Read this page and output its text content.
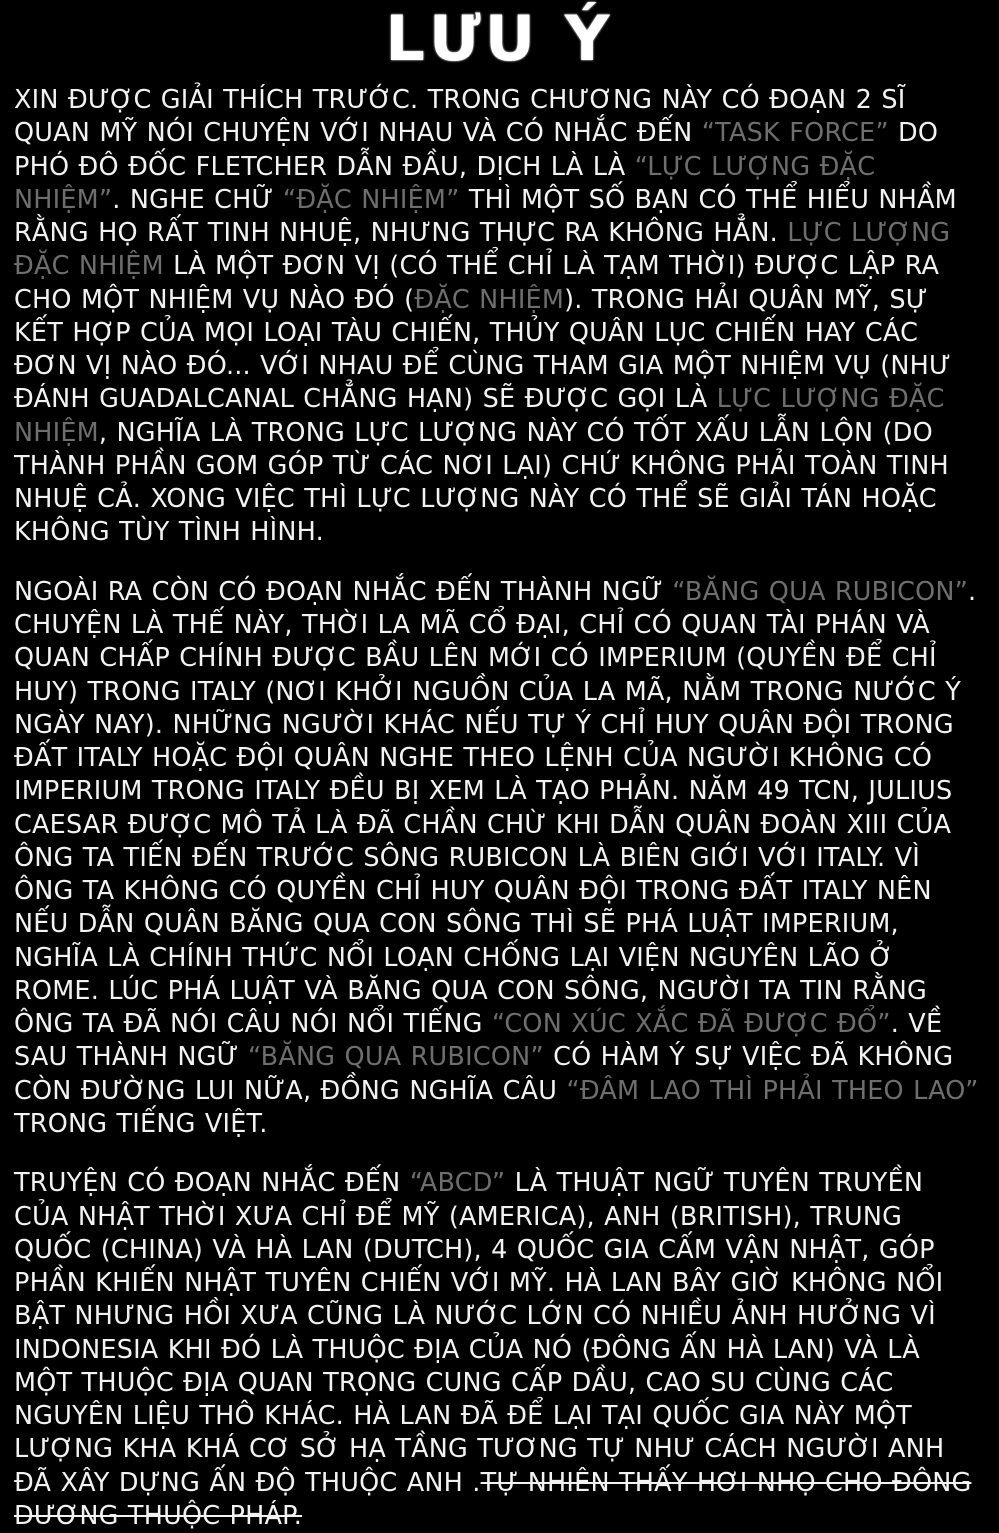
LƯU Ý

XIN ĐƯỢC GIẢI THÍCH TRƯỚC. TRONG CHƯƠNG NÀY CÓ ĐOẠN 2 SĨ QUAN MỸ NÓI CHUYỆN VỚI NHAU VÀ CÓ NHẮC ĐẾN “TASK FORCE” DO PHÓ ĐÔ ĐỐC FLETCHER DẪN ĐẦU, DỊCH LÀ LÀ “LỰC LƯỢNG ĐẶC NHIỆM”. NGHE CHỮ “ĐẶC NHIỆM” THÌ MỘT SỐ BẠN CÓ THỂ HIỂU NHẦM RẰNG HỌ RẤT TINH NHUỆ, NHƯNG THỰC RA KHÔNG HẲN. LỰC LƯỢNG ĐẶC NHIỆM LÀ MỘT ĐƠN VỊ (CÓ THỂ CHỈ LÀ TẠM THỜI) ĐƯỢC LẬP RA CHO MỘT NHIỆM VỤ NÀO ĐÓ (ĐẶC NHIỆM). TRONG HẢI QUÂN MỸ, SỰ KẾT HỢP CỦA MỌI LOẠI TÀU CHIẾN, THỦY QUÂN LỤC CHIẾN HAY CÁC ĐƠN VỊ NÀO ĐÓ... VỚI NHAU ĐỂ CÙNG THAM GIA MỘT NHIỆM VỤ (NHƯ ĐÁNH GUADALCANAL CHẲNG HẠN) SẼ ĐƯỢC GỌI LÀ LỰC LƯỢNG ĐẶC NHIỆM, NGHĨA LÀ TRONG LỰC LƯỢNG NÀY CÓ TỐT XẤU LẪN LỘN (DO THÀNH PHẦN GOM GÓP TỪ CÁC NƠI LẠI) CHỨ KHÔNG PHẢI TOÀN TINH NHUỆ CẢ. XONG VIỆC THÌ LỰC LƯỢNG NÀY CÓ THỂ SẼ GIẢI TÁN HOẶC KHÔNG TÙY TÌNH HÌNH.

NGOÀI RA CÒN CÓ ĐOẠN NHẮC ĐẾN THÀNH NGỮ “BĂNG QUA RUBICON”. CHUYỆN LÀ THẾ NÀY, THỜI LA MÃ CỔ ĐẠI, CHỈ CÓ QUAN TÀI PHÁN VÀ QUAN CHẤP CHÍNH ĐƯỢC BẦU LÊN MỚI CÓ IMPERIUM (QUYỀN ĐỂ CHỈ HUY) TRONG ITALY (NƠI KHỞI NGUỒN CỦA LA MÃ, NẰM TRONG NƯỚC Ý NGÀY NAY). NHỮNG NGƯỜI KHÁC NẾU TỰ Ý CHỈ HUY QUÂN ĐỘI TRONG ĐẤT ITALY HOẶC ĐỘI QUÂN NGHE THEO LỆNH CỦA NGƯỜI KHÔNG CÓ IMPERIUM TRONG ITALY ĐỀU BỊ XEM LÀ TẠO PHẢN. NĂM 49 TCN, JULIUS CAESAR ĐƯỢC MÔ TẢ LÀ ĐÃ CHẦN CHỪ KHI DẪN QUÂN ĐOÀN XIII CỦA ÔNG TA TIẾN ĐẾN TRƯỚC SÔNG RUBICON LÀ BIÊN GIỚI VỚI ITALY. VÌ ÔNG TA KHÔNG CÓ QUYỀN CHỈ HUY QUÂN ĐỘI TRONG ĐẤT ITALY NÊN NẾU DẪN QUÂN BĂNG QUA CON SÔNG THÌ SẼ PHÁ LUẬT IMPERIUM, NGHĨA LÀ CHÍNH THỨC NỔI LOẠN CHỐNG LẠI VIỆN NGUYÊN LÃO Ở ROME. LÚC PHÁ LUẬT VÀ BĂNG QUA CON SÔNG, NGƯỜI TA TIN RẰNG ÔNG TA ĐÃ NÓI CÂU NÓI NỔI TIẾNG “CON XÚC XẮC ĐÃ ĐƯỢC ĐỔ”. VỀ SAU THÀNH NGỮ “BĂNG QUA RUBICON” CÓ HÀM Ý SỰ VIỆC ĐÃ KHÔNG CÒN ĐƯỜNG LUI NỮA, ĐỒNG NGHĨA CÂU “ĐÂM LAO THÌ PHẢI THEO LAO” TRONG TIẾNG VIỆT.

TRUYỆN CÓ ĐOẠN NHẮC ĐẾN “ABCD” LÀ THUẬT NGỮ TUYÊN TRUYỀN CỦA NHẬT THỜI XƯA CHỈ ĐỂ MỸ (AMERICA), ANH (BRITISH), TRUNG QUỐC (CHINA) VÀ HÀ LAN (DUTCH), 4 QUỐC GIA CẤM VẬN NHẬT, GÓP PHẦN KHIẾN NHẬT TUYÊN CHIẾN VỚI MỸ. HÀ LAN BÂY GIỜ KHÔNG NỔI BẬT NHƯNG HỒI XƯA CŨNG LÀ NƯỚC LỚN CÓ NHIỀU ẢNH HƯỞNG VÌ INDONESIA KHI ĐÓ LÀ THUỘC ĐỊA CỦA NÓ (ĐÔNG ẤN HÀ LAN) VÀ LÀ MỘT THUỘC ĐỊA QUAN TRỌNG CUNG CẤP DẦU, CAO SU CÙNG CÁC NGUYÊN LIỆU THÔ KHÁC. HÀ LAN ĐÃ ĐỂ LẠI TẠI QUỐC GIA NÀY MỘT LƯỢNG KHA KHÁ CƠ SỞ HẠ TẦNG TƯƠNG TỰ NHƯ CÁCH NGƯỜI ANH ĐÃ XÂY DỰNG ẤN ĐỘ THUỘC ANH .TỰ NHIÊN THẤY HƠI NHỌ CHO ĐÔNG DƯƠNG THUỘC PHÁP.
